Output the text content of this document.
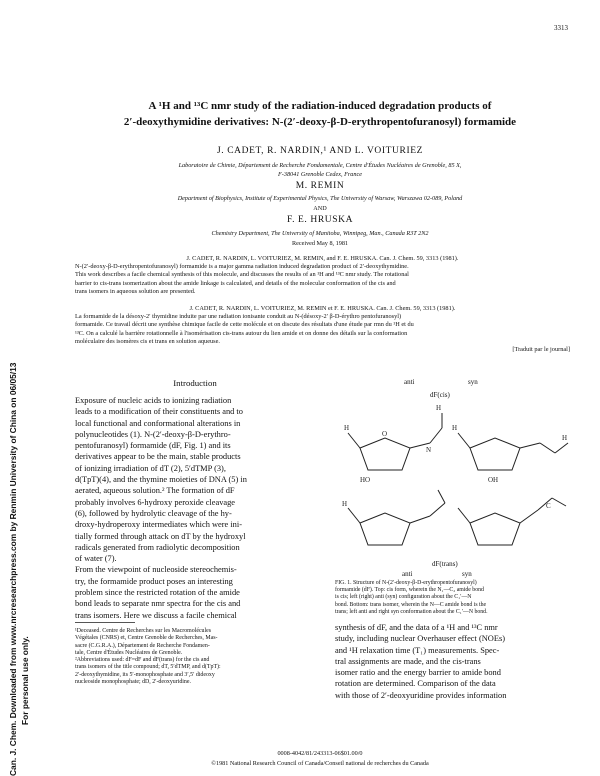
3313
Can. J. Chem. Downloaded from www.nrcresearchpress.com by Renmin University of China on 06/05/13 For personal use only.
A ¹H and ¹³C nmr study of the radiation-induced degradation products of
2′-deoxythymidine derivatives: N-(2′-deoxy-β-D-erythropentofuranosyl) formamide
J. CADET, R. NARDIN,¹ AND L. VOITURIEZ
Laboratoire de Chimie, Département de Recherche Fondamentale, Centre d'Études Nucléaires de Grenoble, 85 X,
F-38041 Grenoble Cedex, France
M. REMIN
Department of Biophysics, Institute of Experimental Physics, The University of Warsaw, Warszawa 02-089, Poland
AND
F. E. HRUSKA
Chemistry Department, The University of Manitoba, Winnipeg, Man., Canada R3T 2N2
Received May 8, 1981
J. CADET, R. NARDIN, L. VOITURIEZ, M. REMIN, and F. E. HRUSKA. Can. J. Chem. 59, 3313 (1981).
N-(2′-deoxy-β-D-erythropentofuranosyl) formamide is a major gamma radiation induced degradation product of 2′-deoxythymidine.
This work describes a facile chemical synthesis of this molecule, and discusses the results of an ¹H and ¹³C nmr study. The rotational
barrier to cis-trans isomerization about the amide linkage is calculated, and details of the molecular conformation of the cis and
trans isomers in aqueous solution are presented.
J. CADET, R. NARDIN, L. VOITURIEZ, M. REMIN et F. E. HRUSKA. Can. J. Chem. 59, 3313 (1981).
La formamide de la désoxy-2′ thymidine induite par une radiation ionisante conduit au N-(désoxy-2′ β-D-érythro pentofuranosyl)
formamide. Ce travail décrit une synthèse chimique facile de cette molécule et on discute des résultats d'une étude par rmn du ¹H et du
¹³C. On a calculé la barrière rotationnelle à l'isomérisation cis-trans autour du lien amide et on donne des détails sur la conformation
moléculaire des isomères cis et trans en solution aqueuse.
[Traduit par le journal]
Introduction
Exposure of nucleic acids to ionizing radiation
leads to a modification of their constituents and to
local functional and conformational alterations in
polynucleotides (1). N-(2′-deoxy-β-D-erythro-
pentofuranosyl) formamide (dF, Fig. 1) and its
derivatives appear to be the main, stable products
of ionizing irradiation of dT (2), 5′dTMP (3),
d(TpT)(4), and the thymine moieties of DNA (5) in
aerated, aqueous solution.² The formation of dF
probably involves 6-hydroxy peroxide cleavage
(6), followed by hydrolytic cleavage of the hy-
droxy-hydroperoxy intermediates which were ini-
tially formed through attack on dT by the hydroxyl
radicals generated from radiolytic decomposition
of water (7).
From the viewpoint of nucleoside stereochemis-
try, the formamide product poses an interesting
problem since the restricted rotation of the amide
bond leads to separate nmr spectra for the cis and
trans isomers. Here we discuss a facile chemical
¹Deceased. Centre de Recherches sur les Macromolécules
Végétales (CNRS) et, Centre Grenoble de Recherches, Mas-
sacre (C.G.R.A.), Département de Recherche Fondamen-
tale, Centre d'Études Nucléaires de Grenoble.
²Abbreviations used: dF=dF and dF(trans) for the cis and
trans isomers of the title compound; dT, 5′dTMP, and d(TpT):
2′-deoxythymidine, its 5′-monophosphate and 3′,5′ dideoxy
nucleoside monophosphate; dD, 2′-deoxyuridine.
anti	syn
dF(cis)
H
O
H	H
HO	OH
H
N
C
H
dF(trans)
anti	syn
FIG. 1. Structure of N-(2′-deoxy-β-D-erythropentofuranosyl)
formamide (dF). Top: cis form, wherein the N₁—C₂ amide bond
is cis; left (right) anti (syn) configuration about the C₁′—N
bond. Bottom: trans isomer, wherein the N—C amide bond is the
trans; left anti and right syn conformation about the C₁′—N bond.
synthesis of dF, and the data of a ¹H and ¹³C nmr
study, including nuclear Overhauser effect (NOEs)
and ¹H relaxation time (T₁) measurements. Spec-
tral assignments are made, and the cis-trans
isomer ratio and the energy barrier to amide bond
rotation are determined. Comparison of the data
with those of 2′-deoxyuridine provides information
0008-4042/81/243313-06$01.00/0
©1981 National Research Council of Canada/Conseil national de recherches du Canada
